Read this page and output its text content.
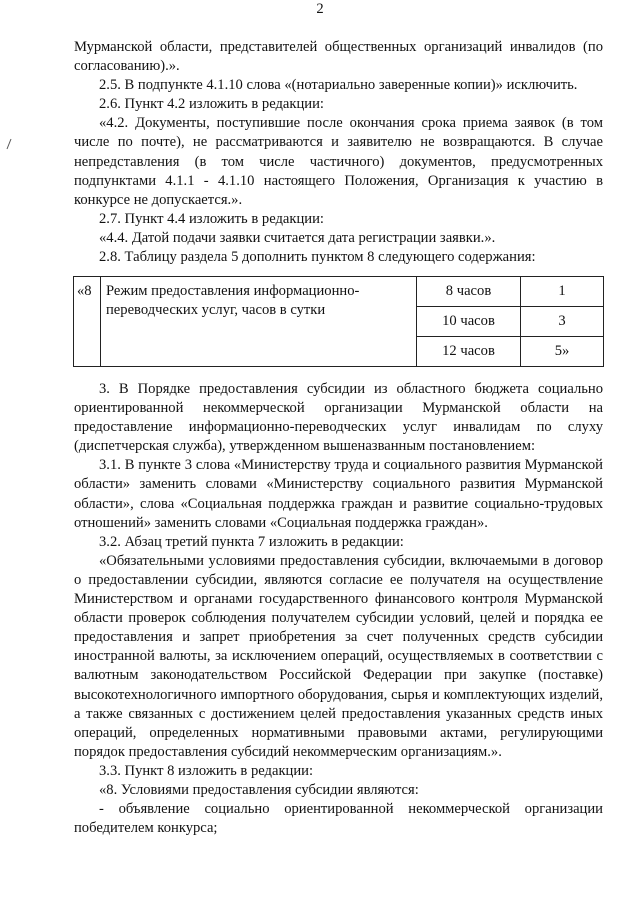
2

Мурманской области, представителей общественных организаций инвалидов (по согласованию).».

2.5. В подпункте 4.1.10 слова «(нотариально заверенные копии)» исключить.

2.6. Пункт 4.2 изложить в редакции:

«4.2. Документы, поступившие после окончания срока приема заявок (в том числе по почте), не рассматриваются и заявителю не возвращаются. В случае непредставления (в том числе частичного) документов, предусмотренных подпунктами 4.1.1 - 4.1.10 настоящего Положения, Организация к участию в конкурсе не допускается.».

2.7. Пункт 4.4 изложить в редакции:

«4.4. Датой подачи заявки считается дата регистрации заявки.».

2.8. Таблицу раздела 5 дополнить пунктом 8 следующего содержания:

«8	Режим предоставления информационно-переводческих услуг, часов в сутки	8 часов	1
		10 часов	3
		12 часов	5»

3. В Порядке предоставления субсидии из областного бюджета социально ориентированной некоммерческой организации Мурманской области на предоставление информационно-переводческих услуг инвалидам по слуху (диспетчерская служба), утвержденном вышеназванным постановлением:

3.1. В пункте 3 слова «Министерству труда и социального развития Мурманской области» заменить словами «Министерству социального развития Мурманской области», слова «Социальная поддержка граждан и развитие социально-трудовых отношений» заменить словами «Социальная поддержка граждан».

3.2. Абзац третий пункта 7 изложить в редакции:

«Обязательными условиями предоставления субсидии, включаемыми в договор о предоставлении субсидии, являются согласие ее получателя на осуществление Министерством и органами государственного финансового контроля Мурманской области проверок соблюдения получателем субсидии условий, целей и порядка ее предоставления и запрет приобретения за счет полученных средств субсидии иностранной валюты, за исключением операций, осуществляемых в соответствии с валютным законодательством Российской Федерации при закупке (поставке) высокотехнологичного импортного оборудования, сырья и комплектующих изделий, а также связанных с достижением целей предоставления указанных средств иных операций, определенных нормативными правовыми актами, регулирующими порядок предоставления субсидий некоммерческим организациям.».

3.3. Пункт 8 изложить в редакции:

«8. Условиями предоставления субсидии являются:

- объявление социально ориентированной некоммерческой организации победителем конкурса;
